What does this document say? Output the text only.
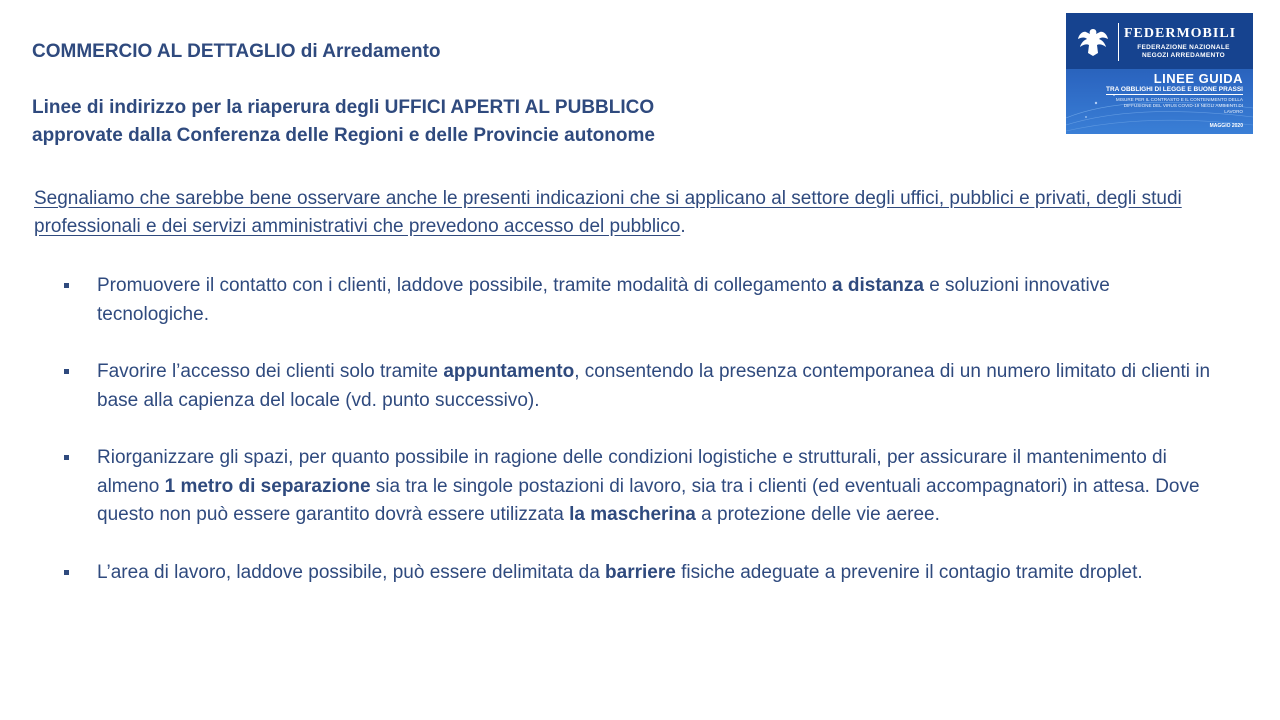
COMMERCIO AL DETTAGLIO di Arredamento
Linee di indirizzo per la riaperura degli UFFICI APERTI AL PUBBLICO
approvate dalla Conferenza delle Regioni e delle Provincie autonome
FEDERMOBILI
FEDERAZIONE NAZIONALE
NEGOZI ARREDAMENTO
LINEE GUIDA
TRA OBBLIGHI DI LEGGE E BUONE PRASSI
MISURE PER IL CONTRASTO E IL CONTENIMENTO DELLA DIFFUSIONE DEL VIRUS COVID-19 NEGLI AMBIENTI DI LAVORO
MAGGIO 2020
Segnaliamo che sarebbe bene osservare anche le presenti indicazioni che si applicano al settore degli uffici, pubblici e privati, degli studi professionali e dei servizi amministrativi che prevedono accesso del pubblico.
Promuovere il contatto con i clienti, laddove possibile, tramite modalità di collegamento a distanza e soluzioni innovative tecnologiche.
Favorire l’accesso dei clienti solo tramite appuntamento, consentendo la presenza contemporanea di un numero limitato di clienti in base alla capienza del locale (vd. punto successivo).
Riorganizzare gli spazi, per quanto possibile in ragione delle condizioni logistiche e strutturali, per assicurare il mantenimento di almeno 1 metro di separazione sia tra le singole postazioni di lavoro, sia tra i clienti (ed eventuali accompagnatori) in attesa. Dove questo non può essere garantito dovrà essere utilizzata la mascherina a protezione delle vie aeree.
L’area di lavoro, laddove possibile, può essere delimitata da barriere fisiche adeguate a prevenire il contagio tramite droplet.
